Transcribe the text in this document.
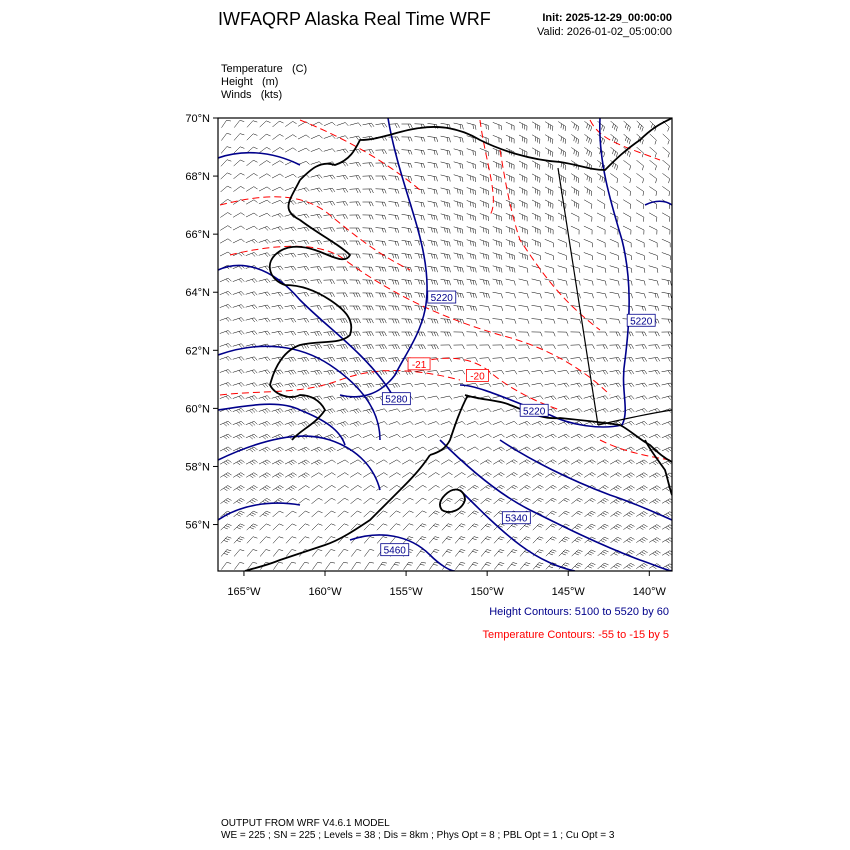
IWFAQRP Alaska Real Time WRF	Init: 2025-12-29_00:00:00
Valid: 2026-01-02_05:00:00
Temperature (C)
Height (m)
Winds (kts)
70°N
68°N
66°N
64°N
62°N
60°N
58°N
56°N
165°W	160°W	155°W	150°W	145°W	140°W
5220
5220
5220
5280
5340
5460
-21
-20
Height Contours: 5100 to 5520 by 60
Temperature Contours: -55 to -15 by 5
OUTPUT FROM WRF V4.6.1 MODEL
WE = 225 ; SN = 225 ; Levels = 38 ; Dis = 8km ; Phys Opt = 8 ; PBL Opt = 1 ; Cu Opt = 3
